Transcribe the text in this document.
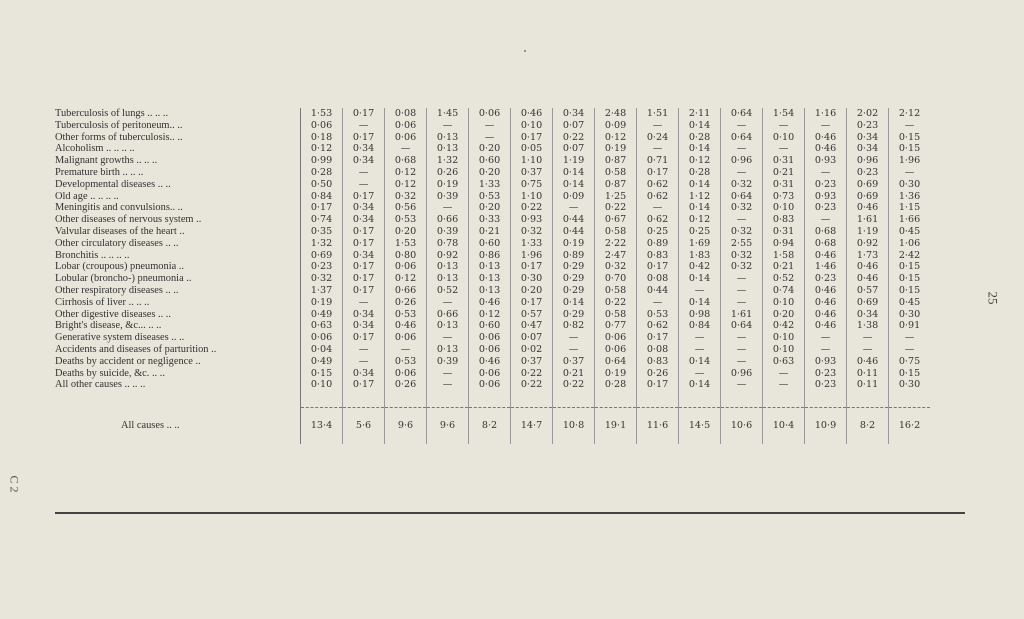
Tuberculosis of lungs .. .. ..	1·53	0·17	0·08	1·45	0·06	0·46	0·34	2·48	1·51	2·11	0·64	1·54	1·16	2·02	2·12
Tuberculosis of peritoneum.. ..	0·06	—	0·06	—	—	0·10	0·07	0·09	—	0·14	—	—	—	0·23	—
Other forms of tuberculosis.. ..	0·18	0·17	0·06	0·13	—	0·17	0·22	0·12	0·24	0·28	0·64	0·10	0·46	0·34	0·15
Alcoholism .. .. .. ..	0·12	0·34	—	0·13	0·20	0·05	0·07	0·19	—	0·14	—	—	0·46	0·34	0·15
Malignant growths .. .. ..	0·99	0·34	0·68	1·32	0·60	1·10	1·19	0·87	0·71	0·12	0·96	0·31	0·93	0·96	1·96
Premature birth .. .. ..	0·28	—	0·12	0·26	0·20	0·37	0·14	0·58	0·17	0·28	—	0·21	—	0·23	—
Developmental diseases .. ..	0·50	—	0·12	0·19	1·33	0·75	0·14	0·87	0·62	0·14	0·32	0·31	0·23	0·69	0·30
Old age .. .. .. ..	0·84	0·17	0·32	0·39	0·53	1·10	0·09	1·25	0·62	1·12	0·64	0·73	0·93	0·69	1·36
Meningitis and convulsions.. ..	0·17	0·34	0·56	—	0·20	0·22	—	0·22	—	0·14	0·32	0·10	0·23	0·46	1·15
Other diseases of nervous system ..	0·74	0·34	0·53	0·66	0·33	0·93	0·44	0·67	0·62	0·12	—	0·83	—	1·61	1·66
Valvular diseases of the heart ..	0·35	0·17	0·20	0·39	0·21	0·32	0·44	0·58	0·25	0·25	0·32	0·31	0·68	1·19	0·45
Other circulatory diseases .. ..	1·32	0·17	1·53	0·78	0·60	1·33	0·19	2·22	0·89	1·69	2·55	0·94	0·68	0·92	1·06
Bronchitis .. .. .. ..	0·69	0·34	0·80	0·92	0·86	1·96	0·89	2·47	0·83	1·83	0·32	1·58	0·46	1·73	2·42
Lobar (croupous) pneumonia ..	0·23	0·17	0·06	0·13	0·13	0·17	0·29	0·32	0·17	0·42	0·32	0·21	1·46	0·46	0·15
Lobular (broncho-) pneumonia ..	0·32	0·17	0·12	0·13	0·13	0·30	0·29	0·70	0·08	0·14	—	0·52	0·23	0·46	0·15
Other respiratory diseases .. ..	1·37	0·17	0·66	0·52	0·13	0·20	0·29	0·58	0·44	—	—	0·74	0·46	0·57	0·15
Cirrhosis of liver .. .. ..	0·19	—	0·26	—	0·46	0·17	0·14	0·22	—	0·14	—	0·10	0·46	0·69	0·45
Other digestive diseases .. ..	0·49	0·34	0·53	0·66	0·12	0·57	0·29	0·58	0·53	0·98	1·61	0·20	0·46	0·34	0·30
Bright's disease, &c... .. ..	0·63	0·34	0·46	0·13	0·60	0·47	0·82	0·77	0·62	0·84	0·64	0·42	0·46	1·38	0·91
Generative system diseases .. ..	0·06	0·17	0·06	—	0·06	0·07	—	0·06	0·17	—	—	0·10	—	—	—
Accidents and diseases of parturition ..	0·04	—	—	0·13	0·06	0·02	—	0·06	0·08	—	—	0·10	—	—	—
Deaths by accident or negligence ..	0·49	—	0·53	0·39	0·46	0·37	0·37	0·64	0·83	0·14	—	0·63	0·93	0·46	0·75
Deaths by suicide, &c. .. ..	0·15	0·34	0·06	—	0·06	0·22	0·21	0·19	0·26	—	0·96	—	0·23	0·11	0·15
All other causes .. .. ..	0·10	0·17	0·26	—	0·06	0·22	0·22	0·28	0·17	0·14	—	—	0·23	0·11	0·30

All causes .. ..	13·4	5·6	9·6	9·6	8·2	14·7	10·8	19·1	11·6	14·5	10·6	10·4	10·9	8·2	16·2
25
C 2
